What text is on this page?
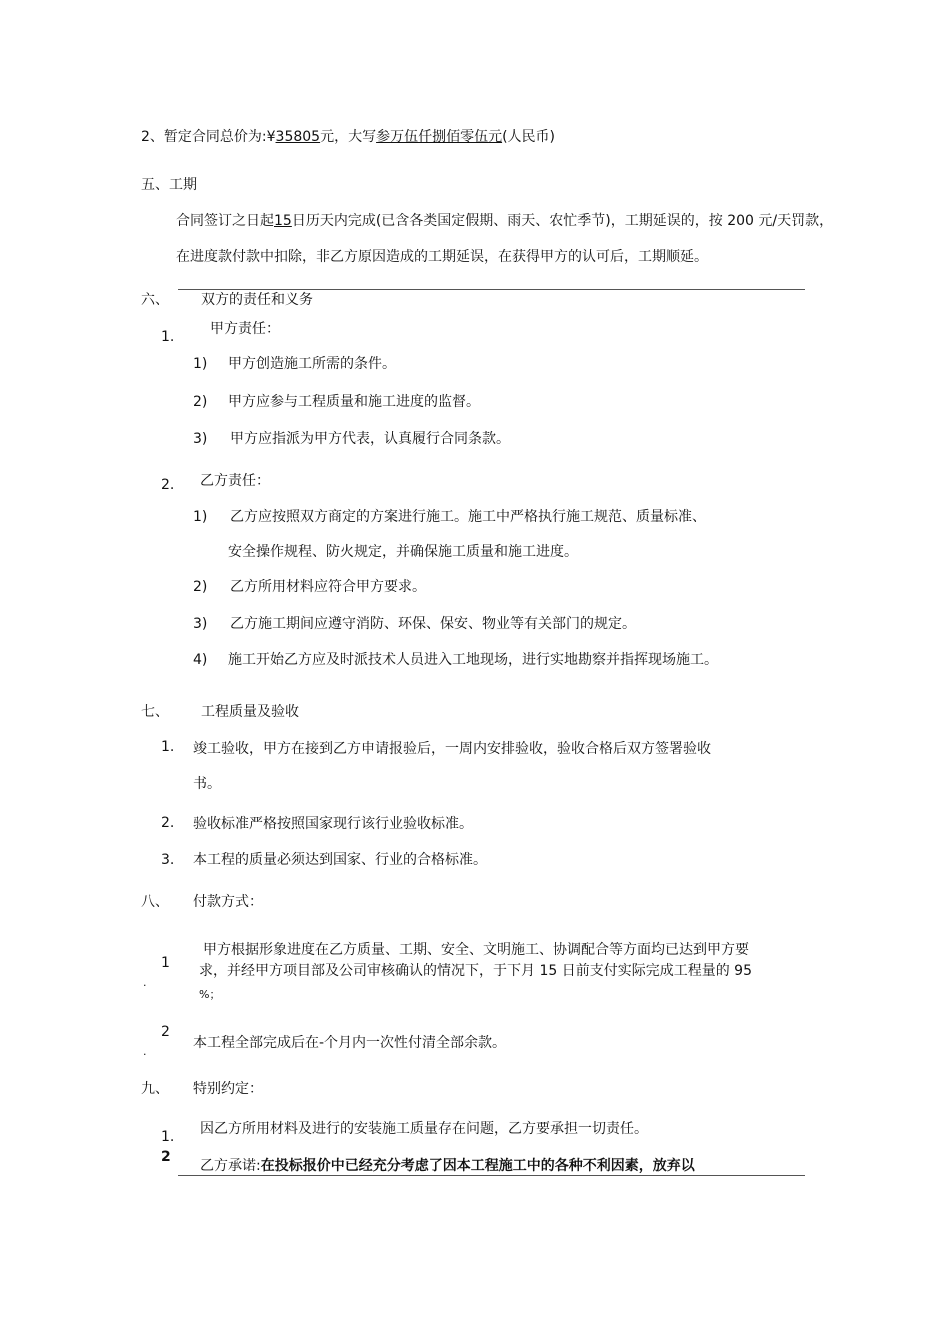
2、暂定合同总价为:¥35805元，大写参万伍仟捌佰零伍元(人民币)
五、工期
合同签订之日起15日历天内完成(已含各类国定假期、雨天、农忙季节)，工期延误的，按 200 元/天罚款，
在进度款付款中扣除，非乙方原因造成的工期延误，在获得甲方的认可后，工期顺延。
六、 双方的责任和义务
1.	甲方责任：
1) 甲方创造施工所需的条件。
2) 甲方应参与工程质量和施工进度的监督。
3) 甲方应指派为甲方代表，认真履行合同条款。
2. 乙方责任：
1) 乙方应按照双方商定的方案进行施工。施工中严格执行施工规范、质量标准、
安全操作规程、防火规定，并确保施工质量和施工进度。
2) 乙方所用材料应符合甲方要求。
3) 乙方施工期间应遵守消防、环保、保安、物业等有关部门的规定。
4) 施工开始乙方应及时派技术人员进入工地现场，进行实地勘察并指挥现场施工。
七、 工程质量及验收
1. 竣工验收，甲方在接到乙方申请报验后，一周内安排验收，验收合格后双方签署验收
书。
2. 验收标准严格按照国家现行该行业验收标准。
3. 本工程的质量必须达到国家、行业的合格标准。
八、 付款方式：
1
.
甲方根据形象进度在乙方质量、工期、安全、文明施工、协调配合等方面均已达到甲方要
求，并经甲方项目部及公司审核确认的情况下，于下月 15 日前支付实际完成工程量的 95
%；
2
.
本工程全部完成后在-个月内一次性付清全部余款。
九、 特别约定：
1. 因乙方所用材料及进行的安装施工质量存在问题，乙方要承担一切责任。
2
乙方承诺:在投标报价中已经充分考虑了因本工程施工中的各种不利因素，放弃以
